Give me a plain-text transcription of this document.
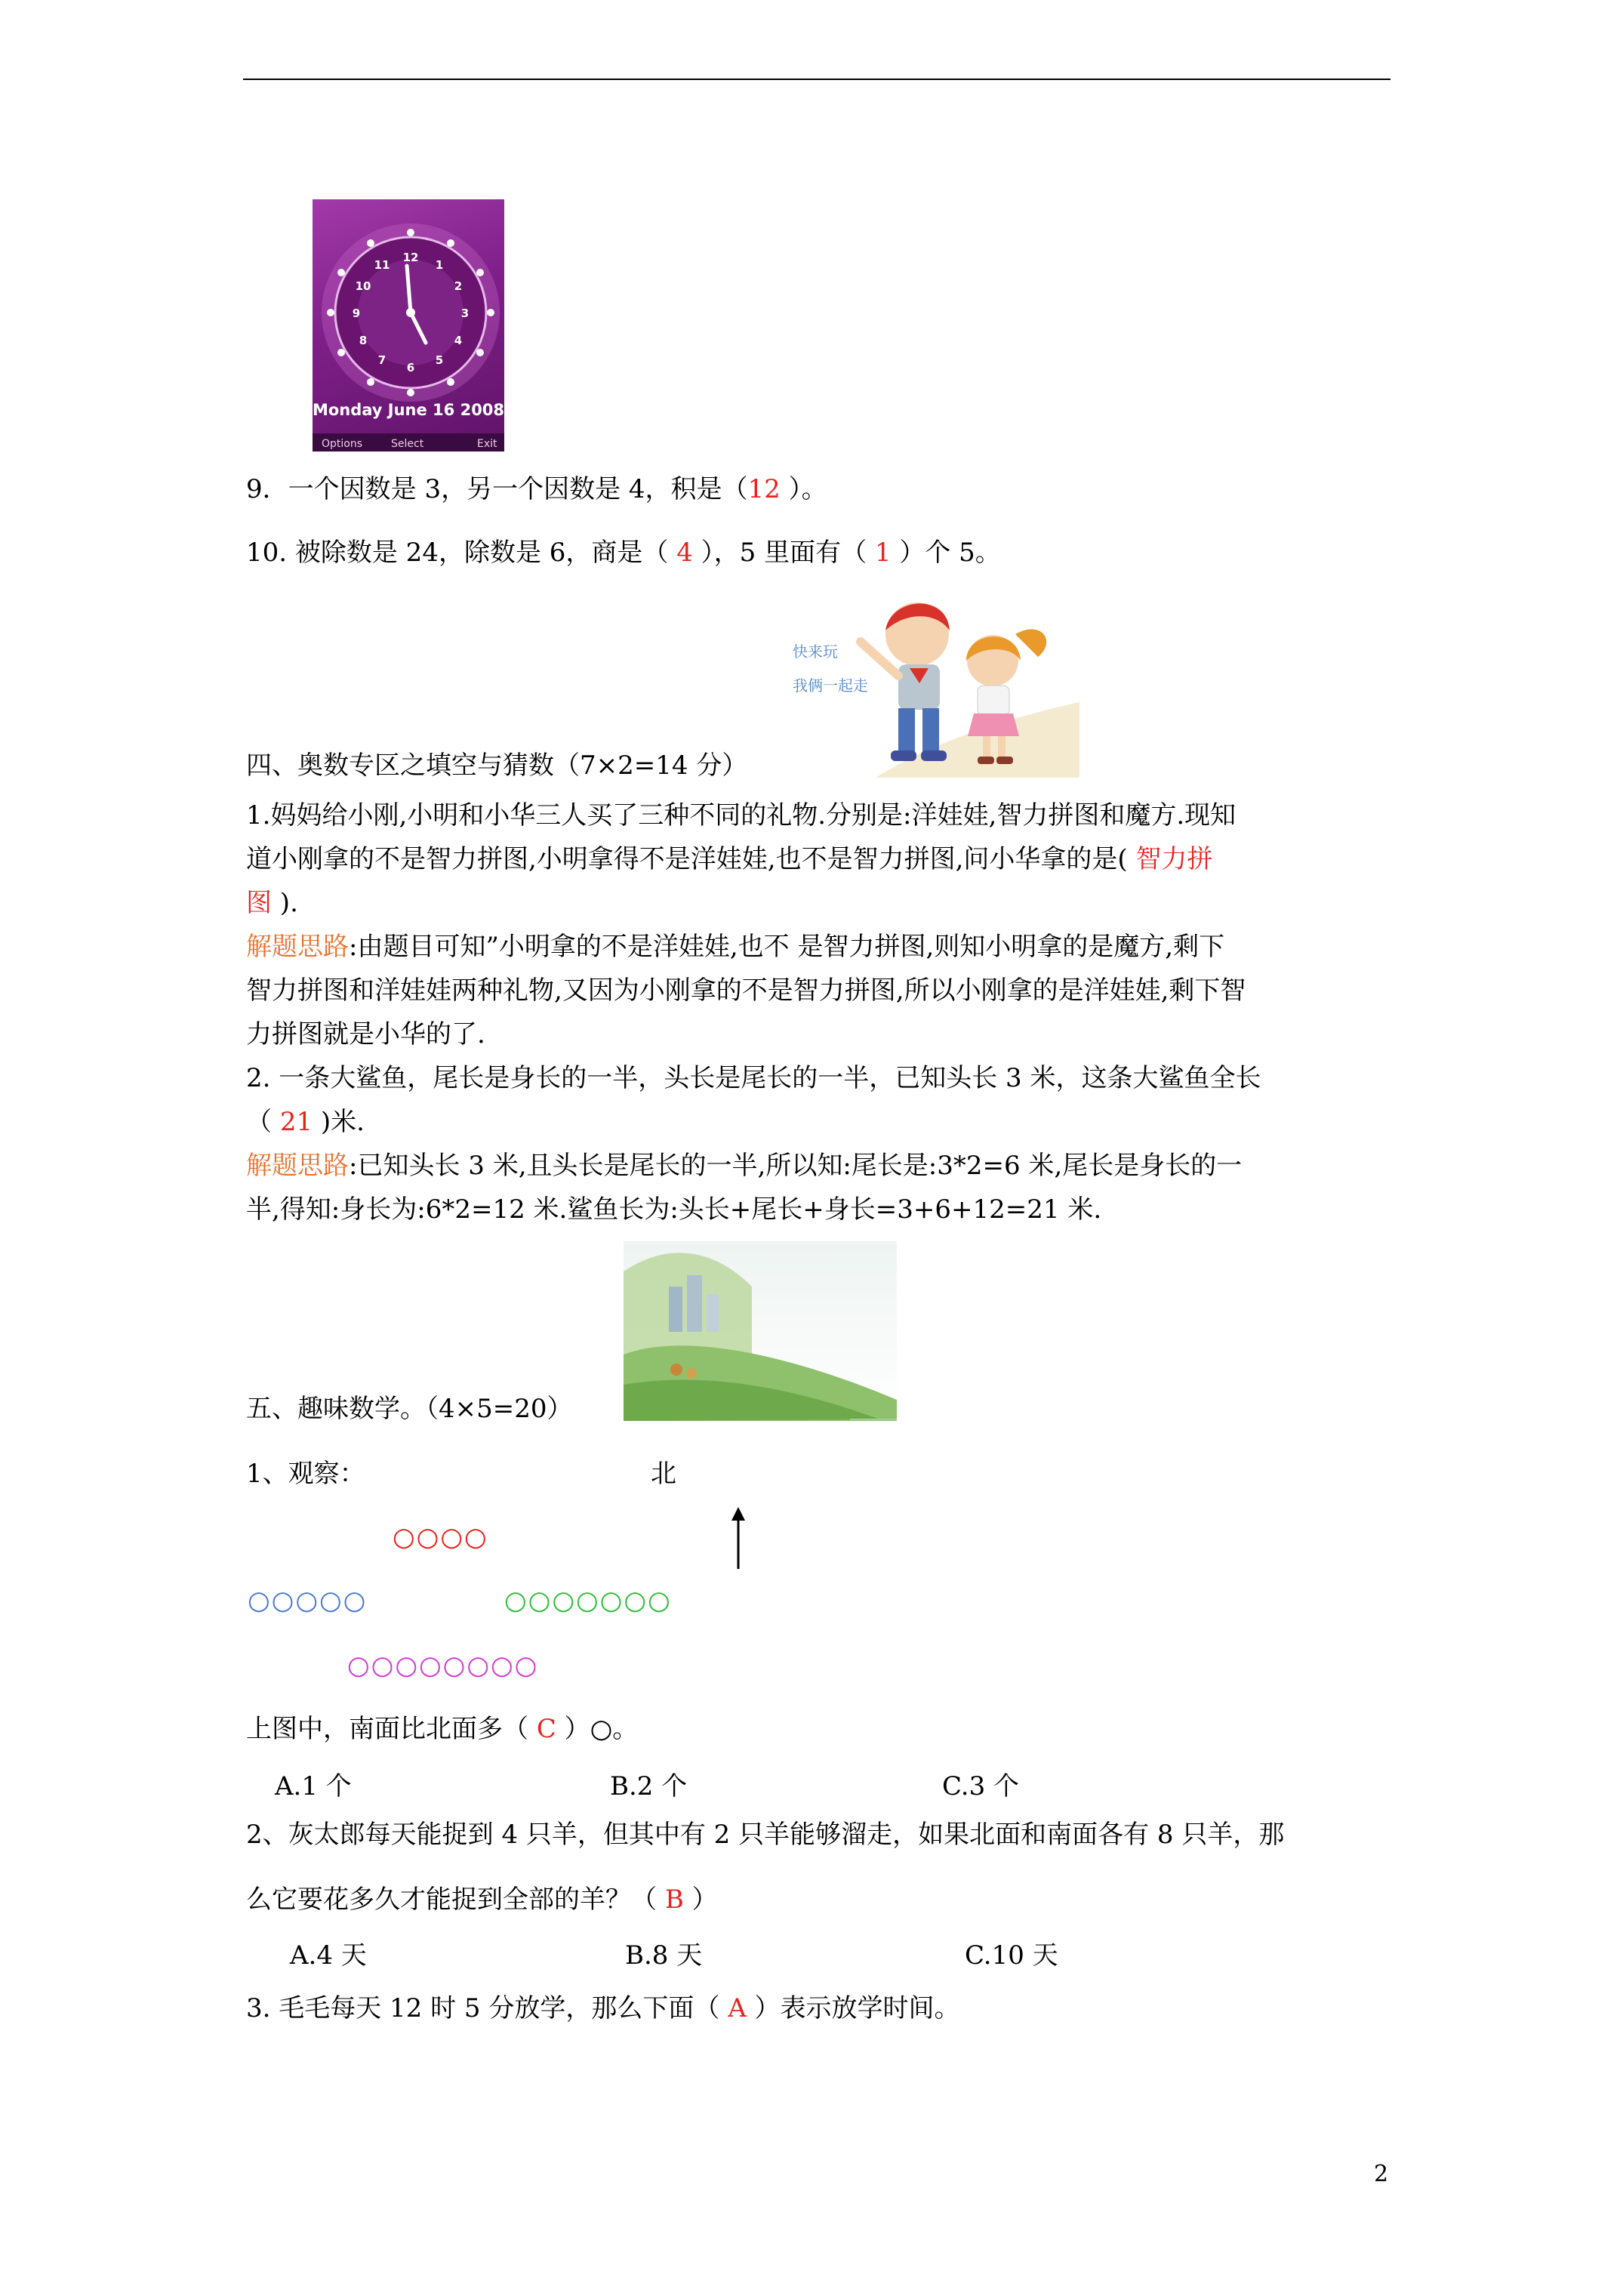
12
1
2
3
4
5
6
7
8
9
10
11
Monday June 16 2008
Options	Select	Exit
9．一个因数是 3，另一个因数是 4，积是（12 ）。
10. 被除数是 24，除数是 6，商是（ 4 ），5 里面有（ 1 ）个 5。
快来玩
我俩一起走
四、奥数专区之填空与猜数（7×2=14 分）
1.妈妈给小刚,小明和小华三人买了三种不同的礼物.分别是:洋娃娃,智力拼图和魔方.现知
道小刚拿的不是智力拼图,小明拿得不是洋娃娃,也不是智力拼图,问小华拿的是( 智力拼
图 ).
解题思路:由题目可知”小明拿的不是洋娃娃,也不 是智力拼图,则知小明拿的是魔方,剩下
智力拼图和洋娃娃两种礼物,又因为小刚拿的不是智力拼图,所以小刚拿的是洋娃娃,剩下智
力拼图就是小华的了.
2. 一条大鲨鱼，尾长是身长的一半，头长是尾长的一半，已知头长 3 米，这条大鲨鱼全长
（ 21 )米.
解题思路:已知头长 3 米,且头长是尾长的一半,所以知:尾长是:3*2=6 米,尾长是身长的一
半,得知:身长为:6*2=12 米.鲨鱼长为:头长+尾长+身长=3+6+12=21 米.
五、趣味数学。（4×5=20）
1、观察：	北
○○○○
○○○○○	○○○○○○○
○○○○○○○○
上图中，南面比北面多（ C ）○。
A.1 个	B.2 个	C.3 个
2、灰太郎每天能捉到 4 只羊，但其中有 2 只羊能够溜走，如果北面和南面各有 8 只羊，那
么它要花多久才能捉到全部的羊？（ B ）
A.4 天	B.8 天	C.10 天
3. 毛毛每天 12 时 5 分放学，那么下面（ A ）表示放学时间。
2
